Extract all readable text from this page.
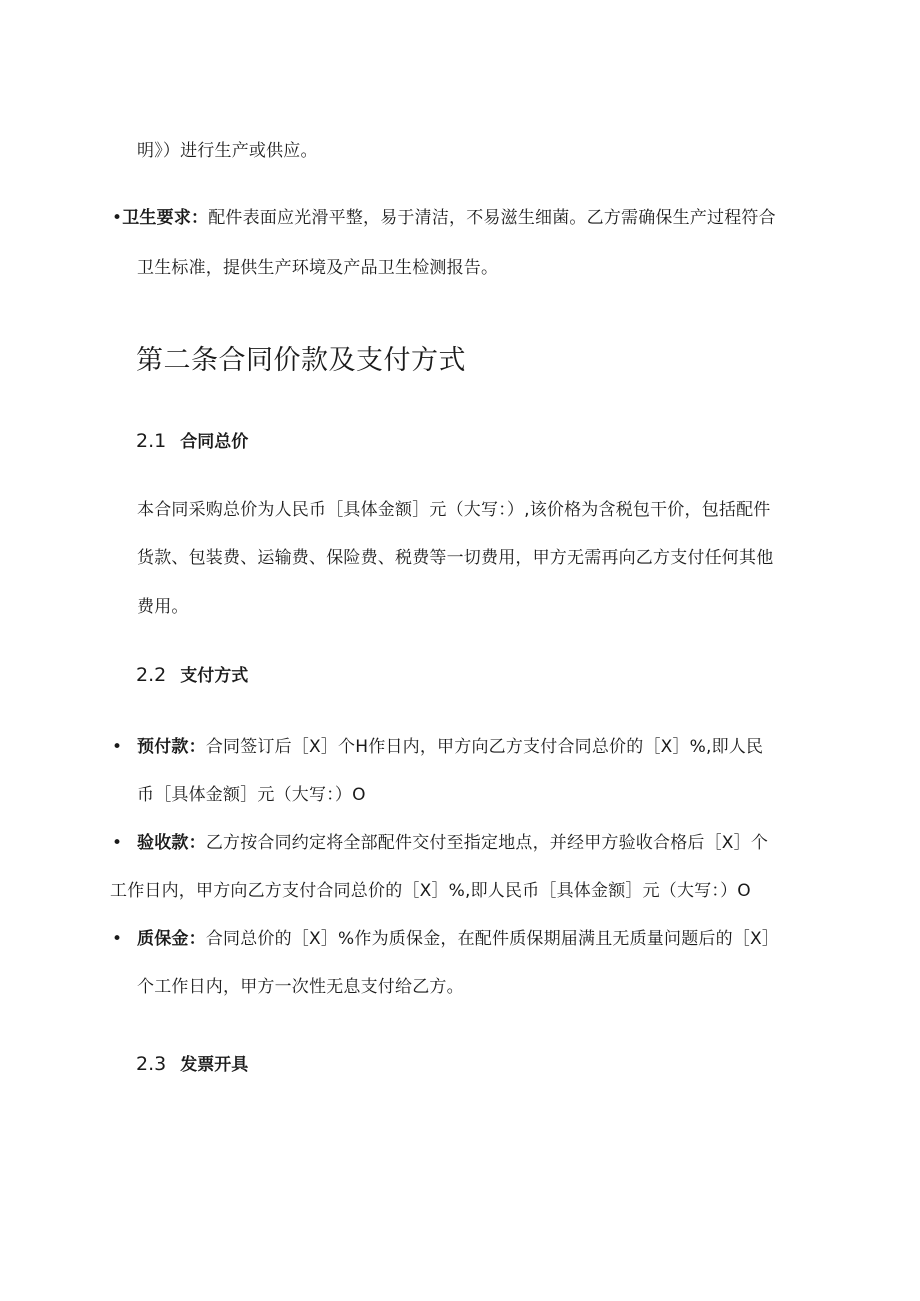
明》）进行生产或供应。
•卫生要求：配件表面应光滑平整，易于清洁，不易滋生细菌。乙方需确保生产过程符合
卫生标准，提供生产环境及产品卫生检测报告。
第二条合同价款及支付方式
2.1 合同总价
本合同采购总价为人民币［具体金额］元（大写：）,该价格为含税包干价，包括配件
货款、包装费、运输费、保险费、税费等一切费用，甲方无需再向乙方支付任何其他
费用。
2.2 支付方式
• 预付款：合同签订后［X］个H作日内，甲方向乙方支付合同总价的［X］%,即人民
币［具体金额］元（大写：）O
• 验收款：乙方按合同约定将全部配件交付至指定地点，并经甲方验收合格后［X］个
工作日内，甲方向乙方支付合同总价的［X］%,即人民币［具体金额］元（大写：）O
• 质保金：合同总价的［X］%作为质保金，在配件质保期届满且无质量问题后的［X］
个工作日内，甲方一次性无息支付给乙方。
2.3 发票开具
